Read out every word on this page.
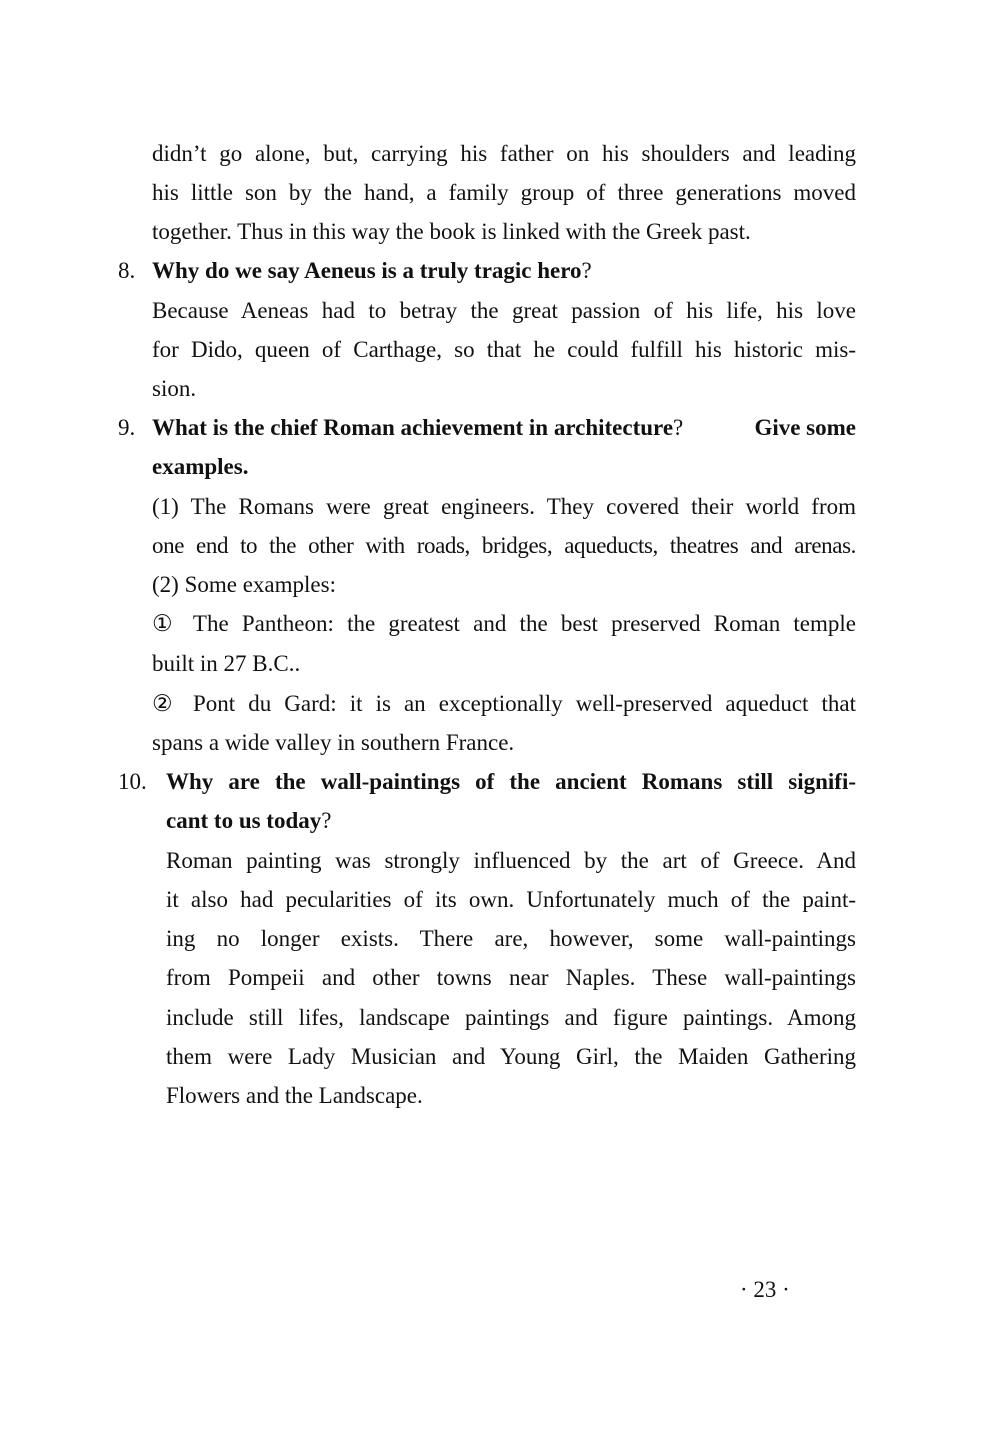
didn’t go alone, but, carrying his father on his shoulders and leading
his little son by the hand, a family group of three generations moved
together. Thus in this way the book is linked with the Greek past.
8. Why do we say Aeneus is a truly tragic hero?
Because Aeneas had to betray the great passion of his life, his love
for Dido, queen of Carthage, so that he could fulfill his historic mis-
sion.
9. What is the chief Roman achievement in architecture?	Give some
examples.
(1) The Romans were great engineers. They covered their world from
one end to the other with roads, bridges, aqueducts, theatres and arenas.
(2) Some examples:
① The Pantheon: the greatest and the best preserved Roman temple
built in 27 B.C..
② Pont du Gard: it is an exceptionally well-preserved aqueduct that
spans a wide valley in southern France.
10. Why are the wall-paintings of the ancient Romans still signifi-
cant to us today?
Roman painting was strongly influenced by the art of Greece. And
it also had pecularities of its own. Unfortunately much of the paint-
ing no longer exists. There are, however, some wall-paintings
from Pompeii and other towns near Naples. These wall-paintings
include still lifes, landscape paintings and figure paintings. Among
them were Lady Musician and Young Girl, the Maiden Gathering
Flowers and the Landscape.
· 23 ·
